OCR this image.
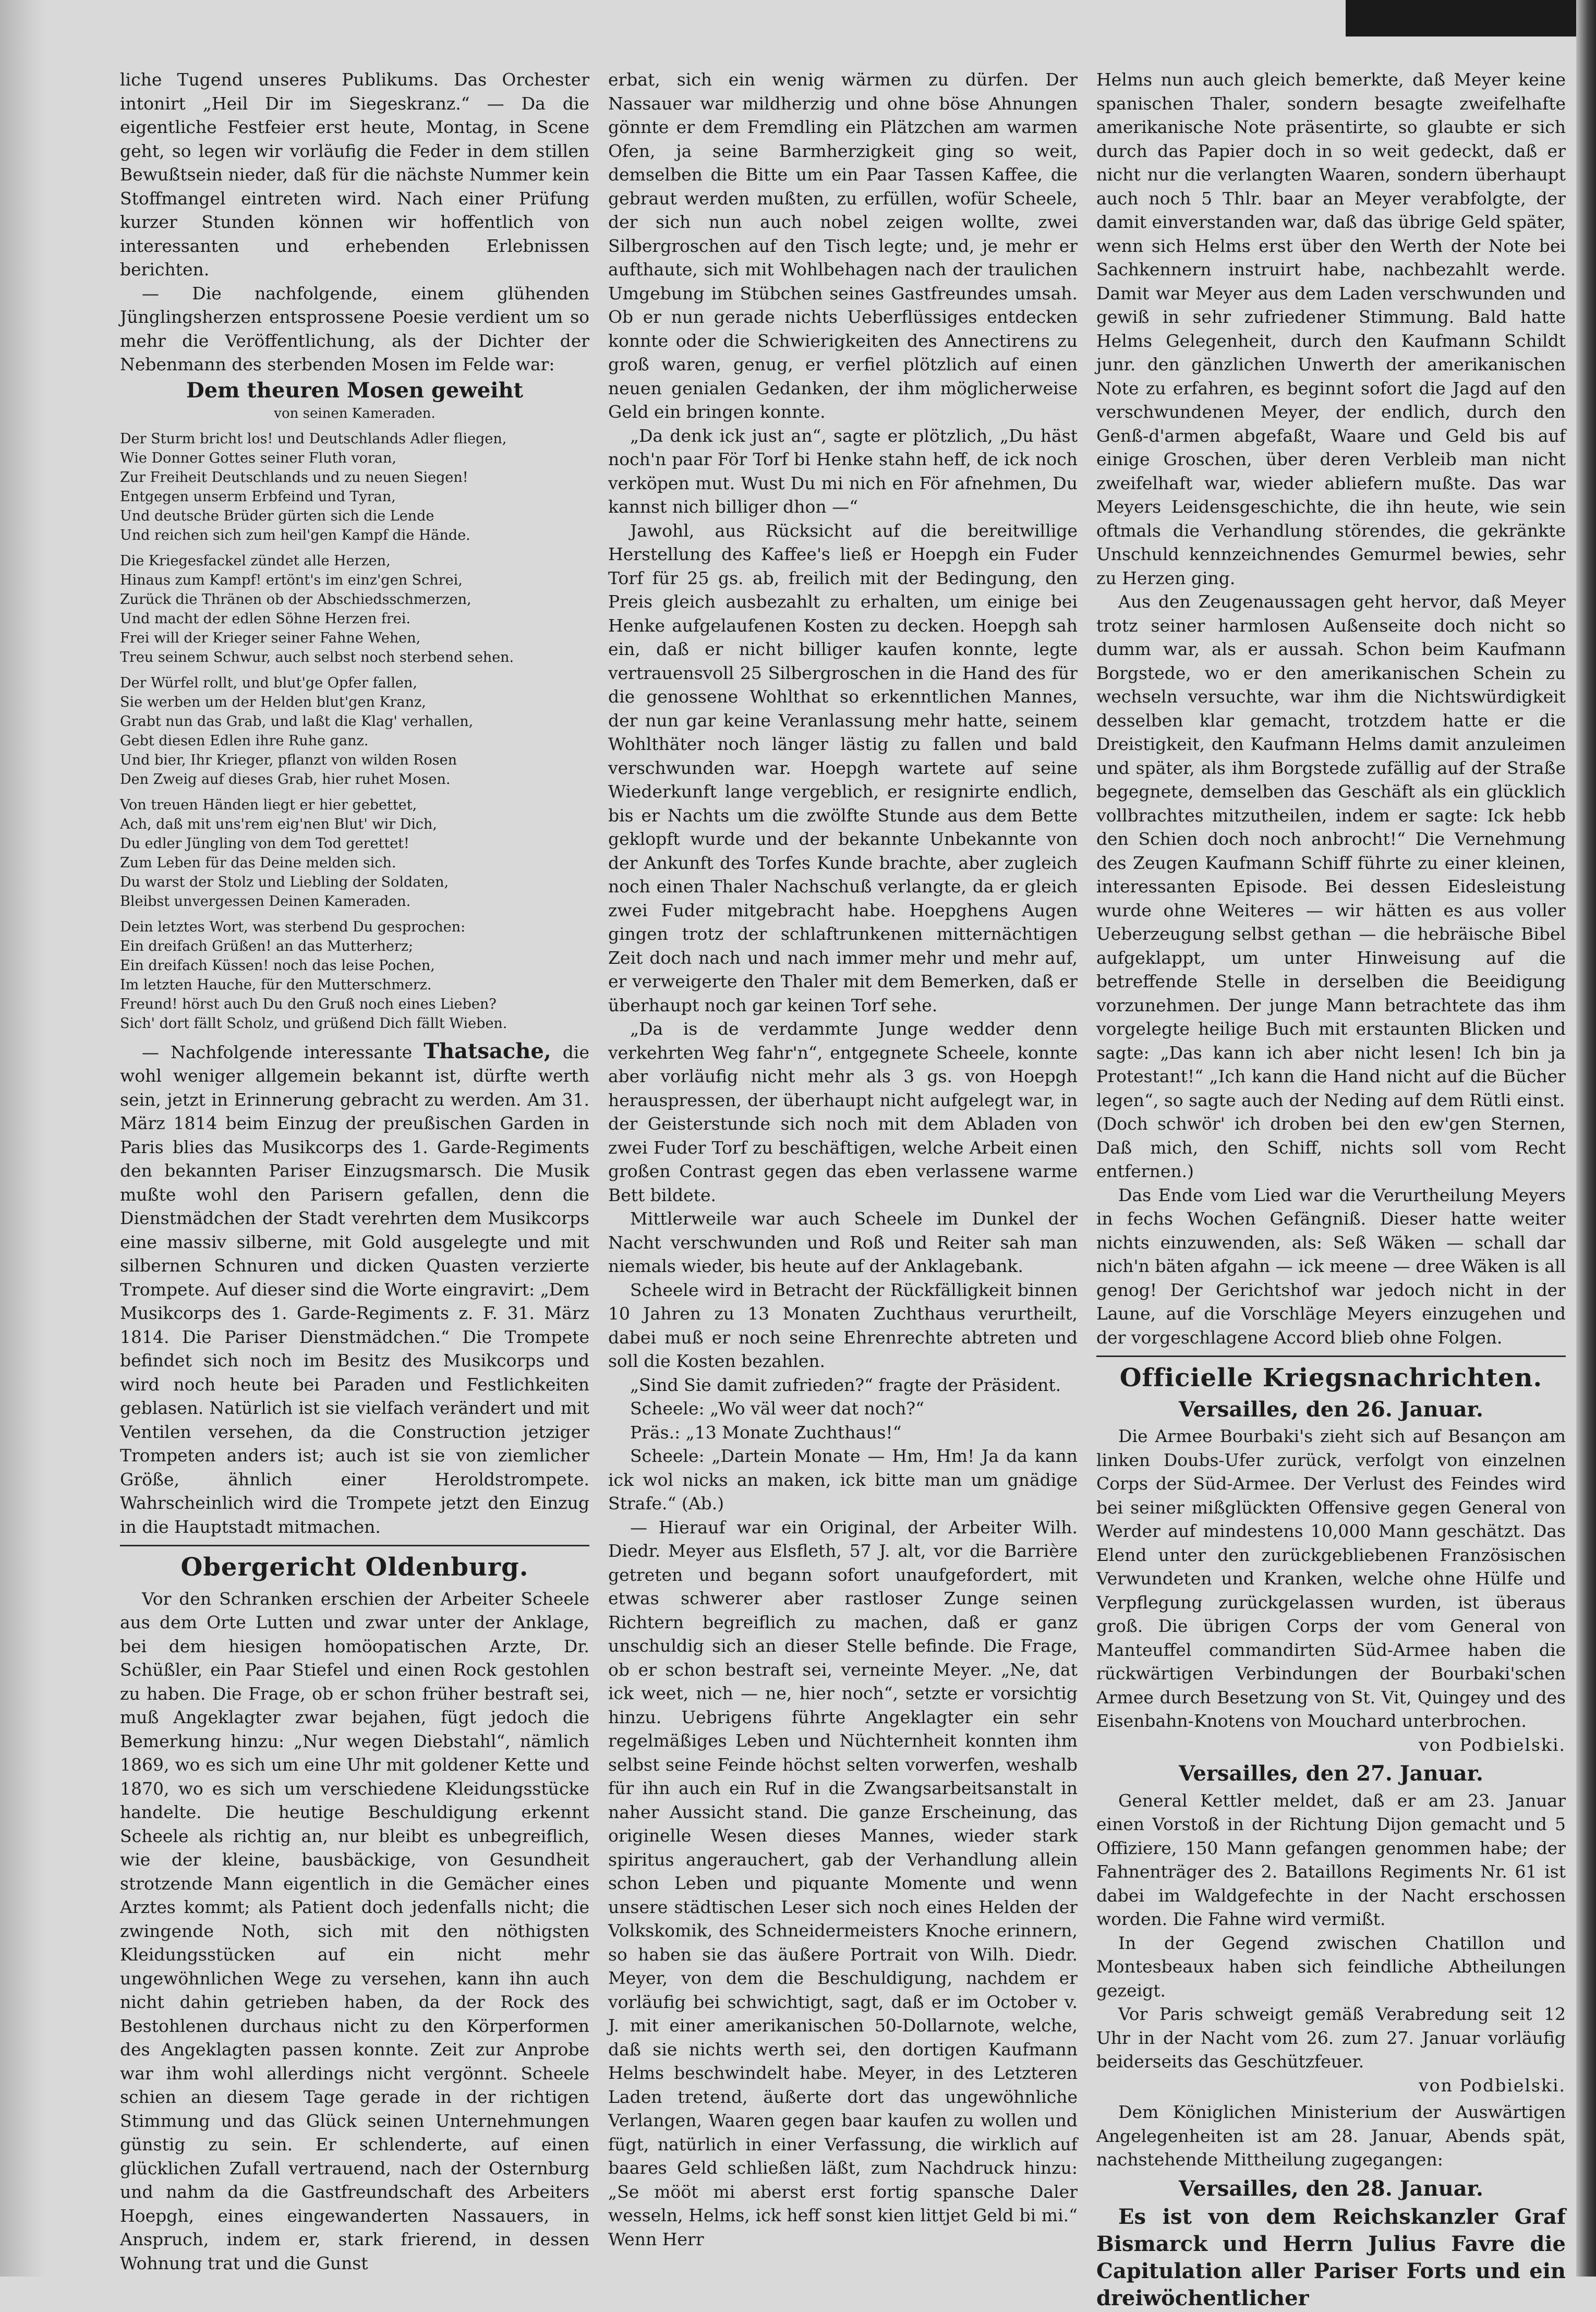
liche Tugend unseres Publikums. Das Orchester intonirt „Heil Dir im Siegeskranz.“ — Da die eigentliche Festfeier erst heute, Montag, in Scene geht, so legen wir vorläufig die Feder in dem stillen Bewußtsein nieder, daß für die nächste Nummer kein Stoffmangel eintreten wird. Nach einer Prüfung kurzer Stunden können wir hoffentlich von interessanten und erhebenden Erlebnissen berichten.

— Die nachfolgende, einem glühenden Jünglingsherzen entsprossene Poesie verdient um so mehr die Veröffentlichung, als der Dichter der Nebenmann des sterbenden Mosen im Felde war:

Dem theuren Mosen geweiht
von seinen Kameraden.
Der Sturm bricht los! und Deutschlands Adler fliegen,
Wie Donner Gottes seiner Fluth voran,
Zur Freiheit Deutschlands und zu neuen Siegen!
Entgegen unserm Erbfeind und Tyran,
Und deutsche Brüder gürten sich die Lende
Und reichen sich zum heil'gen Kampf die Hände.
Die Kriegesfackel zündet alle Herzen,
Hinaus zum Kampf! ertönt's im einz'gen Schrei,
Zurück die Thränen ob der Abschiedsschmerzen,
Und macht der edlen Söhne Herzen frei.
Frei will der Krieger seiner Fahne Wehen,
Treu seinem Schwur, auch selbst noch sterbend sehen.
Der Würfel rollt, und blut'ge Opfer fallen,
Sie werben um der Helden blut'gen Kranz,
Grabt nun das Grab, und laßt die Klag' verhallen,
Gebt diesen Edlen ihre Ruhe ganz.
Und bier, Ihr Krieger, pflanzt von wilden Rosen
Den Zweig auf dieses Grab, hier ruhet Mosen.
Von treuen Händen liegt er hier gebettet,
Ach, daß mit uns'rem eig'nen Blut' wir Dich,
Du edler Jüngling von dem Tod gerettet!
Zum Leben für das Deine melden sich.
Du warst der Stolz und Liebling der Soldaten,
Bleibst unvergessen Deinen Kameraden.
Dein letztes Wort, was sterbend Du gesprochen:
Ein dreifach Grüßen! an das Mutterherz;
Ein dreifach Küssen! noch das leise Pochen,
Im letzten Hauche, für den Mutterschmerz.
Freund! hörst auch Du den Gruß noch eines Lieben?
Sich' dort fällt Scholz, und grüßend Dich fällt Wieben.

— Nachfolgende interessante Thatsache, die wohl weniger allgemein bekannt ist, dürfte werth sein, jetzt in Erinnerung gebracht zu werden. Am 31. März 1814 beim Einzug der preußischen Garden in Paris blies das Musikcorps des 1. Garde-Regiments den bekannten Pariser Einzugsmarsch. Die Musik mußte wohl den Parisern gefallen, denn die Dienstmädchen der Stadt verehrten dem Musikcorps eine massiv silberne, mit Gold ausgelegte und mit silbernen Schnuren und dicken Quasten verzierte Trompete. Auf dieser sind die Worte eingravirt: „Dem Musikcorps des 1. Garde-Regiments z. F. 31. März 1814. Die Pariser Dienstmädchen.“ Die Trompete befindet sich noch im Besitz des Musikcorps und wird noch heute bei Paraden und Festlichkeiten geblasen. Natürlich ist sie vielfach verändert und mit Ventilen versehen, da die Construction jetziger Trompeten anders ist; auch ist sie von ziemlicher Größe, ähnlich einer Heroldstrompete. Wahrscheinlich wird die Trompete jetzt den Einzug in die Hauptstadt mitmachen.

Obergericht Oldenburg.

Vor den Schranken erschien der Arbeiter Scheele aus dem Orte Lutten und zwar unter der Anklage, bei dem hiesigen homöopatischen Arzte, Dr. Schüßler, ein Paar Stiefel und einen Rock gestohlen zu haben. Die Frage, ob er schon früher bestraft sei, muß Angeklagter zwar bejahen, fügt jedoch die Bemerkung hinzu: „Nur wegen Diebstahl“, nämlich 1869, wo es sich um eine Uhr mit goldener Kette und 1870, wo es sich um verschiedene Kleidungsstücke handelte. Die heutige Beschuldigung erkennt Scheele als richtig an, nur bleibt es unbegreiflich, wie der kleine, bausbäckige, von Gesundheit strotzende Mann eigentlich in die Gemächer eines Arztes kommt; als Patient doch jedenfalls nicht; die zwingende Noth, sich mit den nöthigsten Kleidungsstücken auf ein nicht mehr ungewöhnlichen Wege zu versehen, kann ihn auch nicht dahin getrieben haben, da der Rock des Bestohlenen durchaus nicht zu den Körperformen des Angeklagten passen konnte. Zeit zur Anprobe war ihm wohl allerdings nicht vergönnt. Scheele schien an diesem Tage gerade in der richtigen Stimmung und das Glück seinen Unternehmungen günstig zu sein. Er schlenderte, auf einen glücklichen Zufall vertrauend, nach der Osternburg und nahm da die Gastfreundschaft des Arbeiters Hoepgh, eines eingewanderten Nassauers, in Anspruch, indem er, stark frierend, in dessen Wohnung trat und die Gunst

erbat, sich ein wenig wärmen zu dürfen. Der Nassauer war mildherzig und ohne böse Ahnungen gönnte er dem Fremdling ein Plätzchen am warmen Ofen, ja seine Barmherzigkeit ging so weit, demselben die Bitte um ein Paar Tassen Kaffee, die gebraut werden mußten, zu erfüllen, wofür Scheele, der sich nun auch nobel zeigen wollte, zwei Silbergroschen auf den Tisch legte; und, je mehr er aufthaute, sich mit Wohlbehagen nach der traulichen Umgebung im Stübchen seines Gastfreundes umsah. Ob er nun gerade nichts Ueberflüssiges entdecken konnte oder die Schwierigkeiten des Annectirens zu groß waren, genug, er verfiel plötzlich auf einen neuen genialen Gedanken, der ihm möglicherweise Geld ein bringen konnte.

„Da denk ick just an“, sagte er plötzlich, „Du häst noch'n paar För Torf bi Henke stahn heff, de ick noch verköpen mut. Wust Du mi nich en För afnehmen, Du kannst nich billiger dhon —“

Jawohl, aus Rücksicht auf die bereitwillige Herstellung des Kaffee's ließ er Hoepgh ein Fuder Torf für 25 gs. ab, freilich mit der Bedingung, den Preis gleich ausbezahlt zu erhalten, um einige bei Henke aufgelaufenen Kosten zu decken. Hoepgh sah ein, daß er nicht billiger kaufen konnte, legte vertrauensvoll 25 Silbergroschen in die Hand des für die genossene Wohlthat so erkenntlichen Mannes, der nun gar keine Veranlassung mehr hatte, seinem Wohlthäter noch länger lästig zu fallen und bald verschwunden war. Hoepgh wartete auf seine Wiederkunft lange vergeblich, er resignirte endlich, bis er Nachts um die zwölfte Stunde aus dem Bette geklopft wurde und der bekannte Unbekannte von der Ankunft des Torfes Kunde brachte, aber zugleich noch einen Thaler Nachschuß verlangte, da er gleich zwei Fuder mitgebracht habe. Hoepghens Augen gingen trotz der schlaftrunkenen mitternächtigen Zeit doch nach und nach immer mehr und mehr auf, er verweigerte den Thaler mit dem Bemerken, daß er überhaupt noch gar keinen Torf sehe.

„Da is de verdammte Junge wedder denn verkehrten Weg fahr'n“, entgegnete Scheele, konnte aber vorläufig nicht mehr als 3 gs. von Hoepgh herauspressen, der überhaupt nicht aufgelegt war, in der Geisterstunde sich noch mit dem Abladen von zwei Fuder Torf zu beschäftigen, welche Arbeit einen großen Contrast gegen das eben verlassene warme Bett bildete.

Mittlerweile war auch Scheele im Dunkel der Nacht verschwunden und Roß und Reiter sah man niemals wieder, bis heute auf der Anklagebank.

Scheele wird in Betracht der Rückfälligkeit binnen 10 Jahren zu 13 Monaten Zuchthaus verurtheilt, dabei muß er noch seine Ehrenrechte abtreten und soll die Kosten bezahlen.

„Sind Sie damit zufrieden?“ fragte der Präsident.

Scheele: „Wo väl weer dat noch?“

Präs.: „13 Monate Zuchthaus!“

Scheele: „Dartein Monate — Hm, Hm! Ja da kann ick wol nicks an maken, ick bitte man um gnädige Strafe.“ (Ab.)

— Hierauf war ein Original, der Arbeiter Wilh. Diedr. Meyer aus Elsfleth, 57 J. alt, vor die Barrière getreten und begann sofort unaufgefordert, mit etwas schwerer aber rastloser Zunge seinen Richtern begreiflich zu machen, daß er ganz unschuldig sich an dieser Stelle befinde. Die Frage, ob er schon bestraft sei, verneinte Meyer. „Ne, dat ick weet, nich — ne, hier noch“, setzte er vorsichtig hinzu. Uebrigens führte Angeklagter ein sehr regelmäßiges Leben und Nüchternheit konnten ihm selbst seine Feinde höchst selten vorwerfen, weshalb für ihn auch ein Ruf in die Zwangsarbeitsanstalt in naher Aussicht stand. Die ganze Erscheinung, das originelle Wesen dieses Mannes, wieder stark spiritus angerauchert, gab der Verhandlung allein schon Leben und piquante Momente und wenn unsere städtischen Leser sich noch eines Helden der Volkskomik, des Schneidermeisters Knoche erinnern, so haben sie das äußere Portrait von Wilh. Diedr. Meyer, von dem die Beschuldigung, nachdem er vorläufig bei schwichtigt, sagt, daß er im October v. J. mit einer amerikanischen 50-Dollarnote, welche, daß sie nichts werth sei, den dortigen Kaufmann Helms beschwindelt habe. Meyer, in des Letzteren Laden tretend, äußerte dort das ungewöhnliche Verlangen, Waaren gegen baar kaufen zu wollen und fügt, natürlich in einer Verfassung, die wirklich auf baares Geld schließen läßt, zum Nachdruck hinzu: „Se mööt mi aberst erst fortig spansche Daler wesseln, Helms, ick heff sonst kien littjet Geld bi mi.“ Wenn Herr

Helms nun auch gleich bemerkte, daß Meyer keine spanischen Thaler, sondern besagte zweifelhafte amerikanische Note präsentirte, so glaubte er sich durch das Papier doch in so weit gedeckt, daß er nicht nur die verlangten Waaren, sondern überhaupt auch noch 5 Thlr. baar an Meyer verabfolgte, der damit einverstanden war, daß das übrige Geld später, wenn sich Helms erst über den Werth der Note bei Sachkennern instruirt habe, nachbezahlt werde. Damit war Meyer aus dem Laden verschwunden und gewiß in sehr zufriedener Stimmung. Bald hatte Helms Gelegenheit, durch den Kaufmann Schildt junr. den gänzlichen Unwerth der amerikanischen Note zu erfahren, es beginnt sofort die Jagd auf den verschwundenen Meyer, der endlich, durch den Genß-d'armen abgefaßt, Waare und Geld bis auf einige Groschen, über deren Verbleib man nicht zweifelhaft war, wieder abliefern mußte. Das war Meyers Leidensgeschichte, die ihn heute, wie sein oftmals die Verhandlung störendes, die gekränkte Unschuld kennzeichnendes Gemurmel bewies, sehr zu Herzen ging.

Aus den Zeugenaussagen geht hervor, daß Meyer trotz seiner harmlosen Außenseite doch nicht so dumm war, als er aussah. Schon beim Kaufmann Borgstede, wo er den amerikanischen Schein zu wechseln versuchte, war ihm die Nichtswürdigkeit desselben klar gemacht, trotzdem hatte er die Dreistigkeit, den Kaufmann Helms damit anzuleimen und später, als ihm Borgstede zufällig auf der Straße begegnete, demselben das Geschäft als ein glücklich vollbrachtes mitzutheilen, indem er sagte: Ick hebb den Schien doch noch anbrocht!“ Die Vernehmung des Zeugen Kaufmann Schiff führte zu einer kleinen, interessanten Episode. Bei dessen Eidesleistung wurde ohne Weiteres — wir hätten es aus voller Ueberzeugung selbst gethan — die hebräische Bibel aufgeklappt, um unter Hinweisung auf die betreffende Stelle in derselben die Beeidigung vorzunehmen. Der junge Mann betrachtete das ihm vorgelegte heilige Buch mit erstaunten Blicken und sagte: „Das kann ich aber nicht lesen! Ich bin ja Protestant!“ „Ich kann die Hand nicht auf die Bücher legen“, so sagte auch der Neding auf dem Rütli einst.

(Doch schwör' ich droben bei den ew'gen Sternen, Daß mich, den Schiff, nichts soll vom Recht entfernen.)

Das Ende vom Lied war die Verurtheilung Meyers in fechs Wochen Gefängniß. Dieser hatte weiter nichts einzuwenden, als: Seß Wäken — schall dar nich'n bäten afgahn — ick meene — dree Wäken is all genog! Der Gerichtshof war jedoch nicht in der Laune, auf die Vorschläge Meyers einzugehen und der vorgeschlagene Accord blieb ohne Folgen.

Officielle Kriegsnachrichten.
Versailles, den 26. Januar.

Die Armee Bourbaki's zieht sich auf Besançon am linken Doubs-Ufer zurück, verfolgt von einzelnen Corps der Süd-Armee. Der Verlust des Feindes wird bei seiner mißglückten Offensive gegen General von Werder auf mindestens 10,000 Mann geschätzt. Das Elend unter den zurückgebliebenen Französischen Verwundeten und Kranken, welche ohne Hülfe und Verpflegung zurückgelassen wurden, ist überaus groß. Die übrigen Corps der vom General von Manteuffel commandirten Süd-Armee haben die rückwärtigen Verbindungen der Bourbaki'schen Armee durch Besetzung von St. Vit, Quingey und des Eisenbahn-Knotens von Mouchard unterbrochen.

von Podbielski.
Versailles, den 27. Januar.

General Kettler meldet, daß er am 23. Januar einen Vorstoß in der Richtung Dijon gemacht und 5 Offiziere, 150 Mann gefangen genommen habe; der Fahnenträger des 2. Bataillons Regiments Nr. 61 ist dabei im Waldgefechte in der Nacht erschossen worden. Die Fahne wird vermißt.

In der Gegend zwischen Chatillon und Montesbeaux haben sich feindliche Abtheilungen gezeigt.

Vor Paris schweigt gemäß Verabredung seit 12 Uhr in der Nacht vom 26. zum 27. Januar vorläufig beiderseits das Geschützfeuer.

von Podbielski.

Dem Königlichen Ministerium der Auswärtigen Angelegenheiten ist am 28. Januar, Abends spät, nachstehende Mittheilung zugegangen:

Versailles, den 28. Januar.

Es ist von dem Reichskanzler Graf Bismarck und Herrn Julius Favre die Capitulation aller Pariser Forts und ein dreiwöchentlicher
